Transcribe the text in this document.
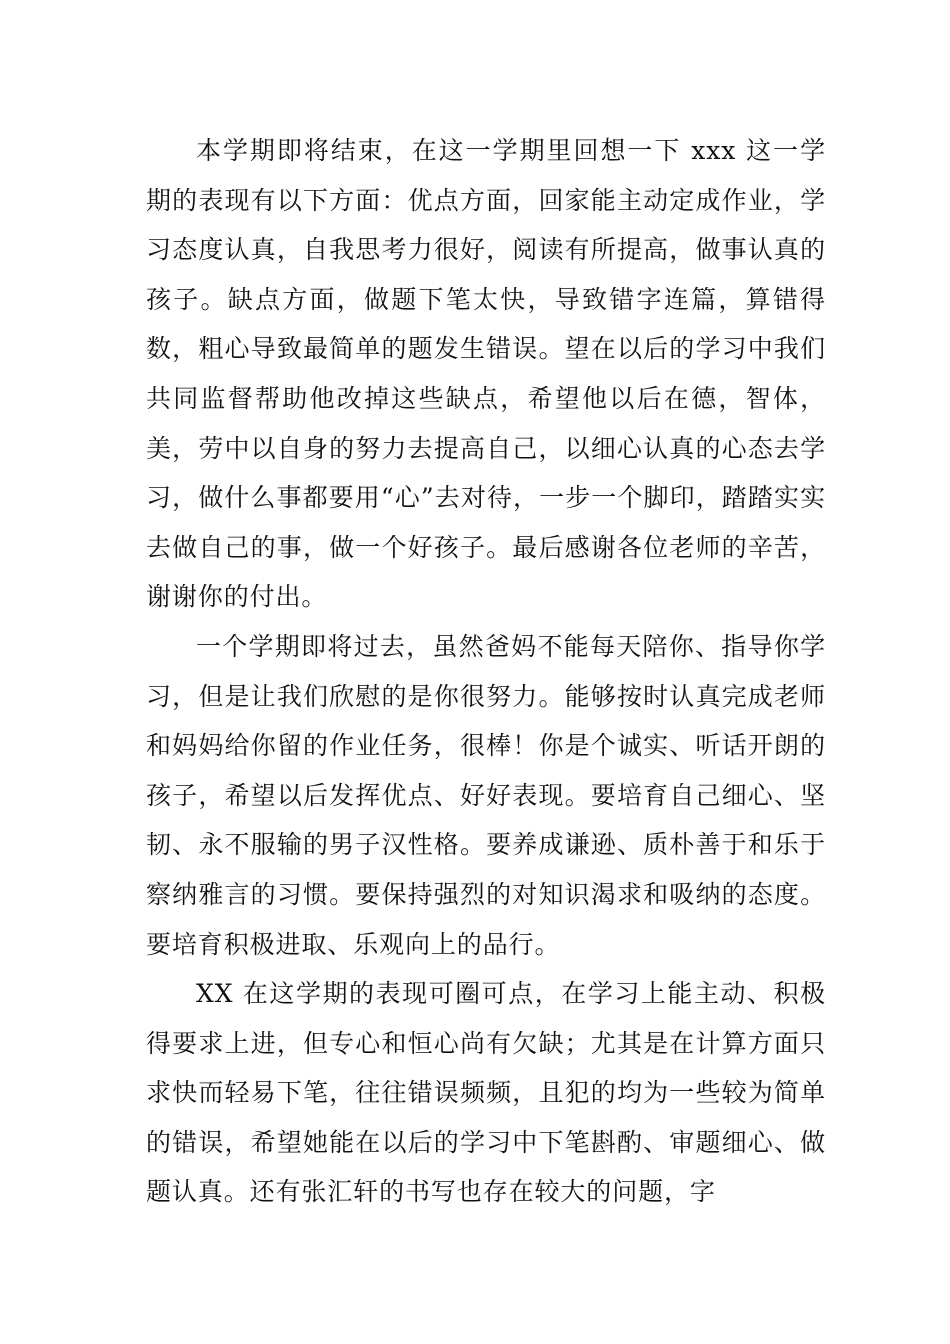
本学期即将结束，在这一学期里回想一下 xxx 这一学期的表现有以下方面：优点方面，回家能主动定成作业，学习态度认真，自我思考力很好，阅读有所提高，做事认真的孩子。缺点方面，做题下笔太快，导致错字连篇，算错得数，粗心导致最简单的题发生错误。望在以后的学习中我们共同监督帮助他改掉这些缺点，希望他以后在德，智体，美，劳中以自身的努力去提高自己，以细心认真的心态去学习，做什么事都要用“心”去对待，一步一个脚印，踏踏实实去做自己的事，做一个好孩子。最后感谢各位老师的辛苦，谢谢你的付出。

一个学期即将过去，虽然爸妈不能每天陪你、指导你学习，但是让我们欣慰的是你很努力。能够按时认真完成老师和妈妈给你留的作业任务，很棒！你是个诚实、听话开朗的孩子，希望以后发挥优点、好好表现。要培育自己细心、坚韧、永不服输的男子汉性格。要养成谦逊、质朴善于和乐于察纳雅言的习惯。要保持强烈的对知识渴求和吸纳的态度。要培育积极进取、乐观向上的品行。

XX 在这学期的表现可圈可点，在学习上能主动、积极得要求上进，但专心和恒心尚有欠缺；尤其是在计算方面只求快而轻易下笔，往往错误频频，且犯的均为一些较为简单的错误，希望她能在以后的学习中下笔斟酌、审题细心、做题认真。还有张汇轩的书写也存在较大的问题，字
